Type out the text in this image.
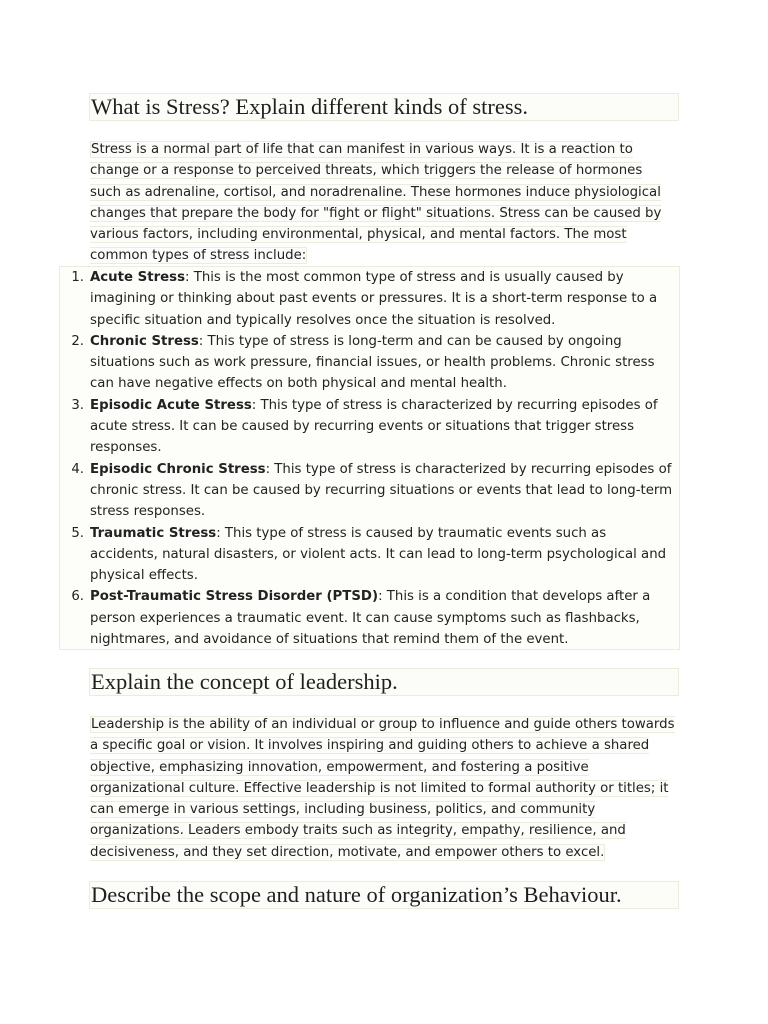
What is Stress? Explain different kinds of stress.

Stress is a normal part of life that can manifest in various ways. It is a reaction to change or a response to perceived threats, which triggers the release of hormones such as adrenaline, cortisol, and noradrenaline. These hormones induce physiological changes that prepare the body for "fight or flight" situations. Stress can be caused by various factors, including environmental, physical, and mental factors. The most common types of stress include:

1. Acute Stress: This is the most common type of stress and is usually caused by imagining or thinking about past events or pressures. It is a short-term response to a specific situation and typically resolves once the situation is resolved.
2. Chronic Stress: This type of stress is long-term and can be caused by ongoing situations such as work pressure, financial issues, or health problems. Chronic stress can have negative effects on both physical and mental health.
3. Episodic Acute Stress: This type of stress is characterized by recurring episodes of acute stress. It can be caused by recurring events or situations that trigger stress responses.
4. Episodic Chronic Stress: This type of stress is characterized by recurring episodes of chronic stress. It can be caused by recurring situations or events that lead to long-term stress responses.
5. Traumatic Stress: This type of stress is caused by traumatic events such as accidents, natural disasters, or violent acts. It can lead to long-term psychological and physical effects.
6. Post-Traumatic Stress Disorder (PTSD): This is a condition that develops after a person experiences a traumatic event. It can cause symptoms such as flashbacks, nightmares, and avoidance of situations that remind them of the event.
Explain the concept of leadership.

Leadership is the ability of an individual or group to influence and guide others towards a specific goal or vision. It involves inspiring and guiding others to achieve a shared objective, emphasizing innovation, empowerment, and fostering a positive organizational culture. Effective leadership is not limited to formal authority or titles; it can emerge in various settings, including business, politics, and community organizations. Leaders embody traits such as integrity, empathy, resilience, and decisiveness, and they set direction, motivate, and empower others to excel.

Describe the scope and nature of organization’s Behaviour.
